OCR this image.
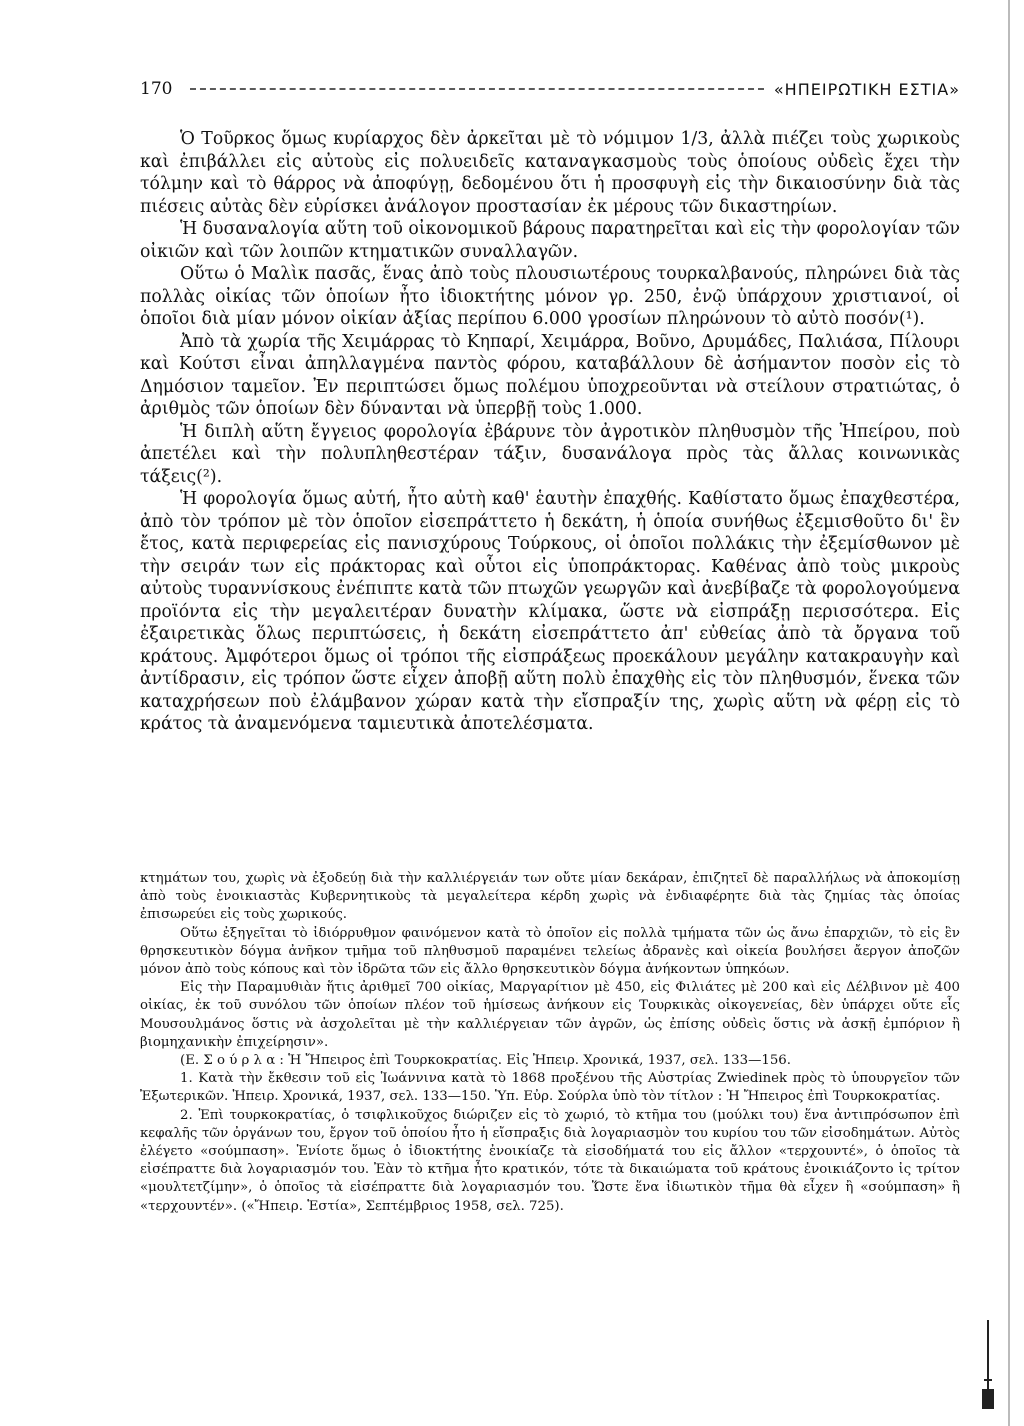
170	«ΗΠΕΙΡΩΤΙΚΗ ΕΣΤΙΑ»

Ὁ Τοῦρκος ὅμως κυρίαρχος δὲν ἀρκεῖται μὲ τὸ νόμιμον 1/3, ἀλλὰ πιέζει τοὺς χωρικοὺς καὶ ἐπιβάλλει εἰς αὐτοὺς εἰς πολυειδεῖς καταναγκασμοὺς τοὺς ὁποίους οὐδεὶς ἔχει τὴν τόλμην καὶ τὸ θάρρος νὰ ἀποφύγῃ, δεδομένου ὅτι ἡ προσφυγὴ εἰς τὴν δικαιοσύνην διὰ τὰς πιέσεις αὐτὰς δὲν εὑρίσκει ἀνάλογον προστασίαν ἐκ μέρους τῶν δικαστηρίων.

Ἡ δυσαναλογία αὕτη τοῦ οἰκονομικοῦ βάρους παρατηρεῖται καὶ εἰς τὴν φορολογίαν τῶν οἰκιῶν καὶ τῶν λοιπῶν κτηματικῶν συναλλαγῶν.

Οὕτω ὁ Μαλὶκ πασᾶς, ἕνας ἀπὸ τοὺς πλουσιωτέρους τουρκαλβανούς, πληρώνει διὰ τὰς πολλὰς οἰκίας τῶν ὁποίων ἦτο ἰδιοκτήτης μόνον γρ. 250, ἐνῷ ὑπάρχουν χριστιανοί, οἱ ὁποῖοι διὰ μίαν μόνον οἰκίαν ἀξίας περίπου 6.000 γροσίων πληρώνουν τὸ αὐτὸ ποσόν(¹).

Ἀπὸ τὰ χωρία τῆς Χειμάρρας τὸ Κηπαρί, Χειμάρρα, Βοῦνο, Δρυμάδες, Παλιάσα, Πίλουρι καὶ Κούτσι εἶναι ἀπηλλαγμένα παντὸς φόρου, καταβάλλουν δὲ ἀσήμαντον ποσὸν εἰς τὸ Δημόσιον ταμεῖον. Ἐν περιπτώσει ὅμως πολέμου ὑποχρεοῦνται νὰ στείλουν στρατιώτας, ὁ ἀριθμὸς τῶν ὁποίων δὲν δύνανται νὰ ὑπερβῇ τοὺς 1.000.

Ἡ διπλὴ αὕτη ἔγγειος φορολογία ἐβάρυνε τὸν ἀγροτικὸν πληθυσμὸν τῆς Ἠπείρου, ποὺ ἀπετέλει καὶ τὴν πολυπληθεστέραν τάξιν, δυσανάλογα πρὸς τὰς ἄλλας κοινωνικὰς τάξεις(²).

Ἡ φορολογία ὅμως αὐτή, ἦτο αὐτὴ καθ' ἑαυτὴν ἐπαχθής. Καθίστατο ὅμως ἐπαχθεστέρα, ἀπὸ τὸν τρόπον μὲ τὸν ὁποῖον εἰσεπράττετο ἡ δεκάτη, ἡ ὁποία συνήθως ἐξεμισθοῦτο δι' ἓν ἔτος, κατὰ περιφερείας εἰς πανισχύρους Τούρκους, οἱ ὁποῖοι πολλάκις τὴν ἐξεμίσθωνον μὲ τὴν σειράν των εἰς πράκτορας καὶ οὗτοι εἰς ὑποπράκτορας. Καθένας ἀπὸ τοὺς μικροὺς αὐτοὺς τυραννίσκους ἐνέπιπτε κατὰ τῶν πτωχῶν γεωργῶν καὶ ἀνεβίβαζε τὰ φορολογούμενα προϊόντα εἰς τὴν μεγαλειτέραν δυνατὴν κλίμακα, ὥστε νὰ εἰσπράξῃ περισσότερα. Εἰς ἐξαιρετικὰς ὅλως περιπτώσεις, ἡ δεκάτη εἰσεπράττετο ἀπ' εὐθείας ἀπὸ τὰ ὄργανα τοῦ κράτους. Ἀμφότεροι ὅμως οἱ τρόποι τῆς εἰσπράξεως προεκάλουν μεγάλην κατακραυγὴν καὶ ἀντίδρασιν, εἰς τρόπον ὥστε εἶχεν ἀποβῇ αὕτη πολὺ ἐπαχθὴς εἰς τὸν πληθυσμόν, ἕνεκα τῶν καταχρήσεων ποὺ ἐλάμβανον χώραν κατὰ τὴν εἴσπραξίν της, χωρὶς αὕτη νὰ φέρῃ εἰς τὸ κράτος τὰ ἀναμενόμενα ταμιευτικὰ ἀποτελέσματα.

κτημάτων του, χωρὶς νὰ ἐξοδεύῃ διὰ τὴν καλλιέργειάν των οὔτε μίαν δεκάραν, ἐπιζητεῖ δὲ παραλλήλως νὰ ἀποκομίσῃ ἀπὸ τοὺς ἐνοικιαστὰς Κυβερνητικοὺς τὰ μεγαλείτερα κέρδη χωρὶς νὰ ἐνδιαφέρητε διὰ τὰς ζημίας τὰς ὁποίας ἐπισωρεύει εἰς τοὺς χωρικούς.

Οὕτω ἐξηγεῖται τὸ ἰδιόρρυθμον φαινόμενον κατὰ τὸ ὁποῖον εἰς πολλὰ τμήματα τῶν ὡς ἄνω ἐπαρχιῶν, τὸ εἰς ἓν θρησκευτικὸν δόγμα ἀνῆκον τμῆμα τοῦ πληθυσμοῦ παραμένει τελείως ἀδρανὲς καὶ οἰκεία βουλήσει ἄεργον ἀποζῶν μόνον ἀπὸ τοὺς κόπους καὶ τὸν ἱδρῶτα τῶν εἰς ἄλλο θρησκευτικὸν δόγμα ἀνήκοντων ὑπηκόων.

Εἰς τὴν Παραμυθιὰν ἥτις ἀριθμεῖ 700 οἰκίας, Μαργαρίτιον μὲ 450, εἰς Φιλιάτες μὲ 200 καὶ εἰς Δέλβινον μὲ 400 οἰκίας, ἐκ τοῦ συνόλου τῶν ὁποίων πλέον τοῦ ἡμίσεως ἀνήκουν εἰς Τουρκικὰς οἰκογενείας, δὲν ὑπάρχει οὔτε εἷς Μουσουλμάνος ὅστις νὰ ἀσχολεῖται μὲ τὴν καλλιέργειαν τῶν ἀγρῶν, ὡς ἐπίσης οὐδεὶς ὅστις νὰ ἀσκῇ ἐμπόριον ἢ βιομηχανικὴν ἐπιχείρησιν».

(Ε. Σ ο ύ ρ λ α : Ἡ Ἤπειρος ἐπὶ Τουρκοκρατίας. Εἰς Ἠπειρ. Χρονικά, 1937, σελ. 133—156.

1. Κατὰ τὴν ἔκθεσιν τοῦ εἰς Ἰωάννινα κατὰ τὸ 1868 προξένου τῆς Αὐστρίας Zwiedinek πρὸς τὸ ὑπουργεῖον τῶν Ἐξωτερικῶν. Ἠπειρ. Χρονικά, 1937, σελ. 133—150. Ὑπ. Εὐρ. Σούρλα ὑπὸ τὸν τίτλον : Ἡ Ἤπειρος ἐπὶ Τουρκοκρατίας.

2. Ἐπὶ τουρκοκρατίας, ὁ τσιφλικοῦχος διώριζεν εἰς τὸ χωριό, τὸ κτῆμα του (μούλκι του) ἕνα ἀντιπρόσωπον ἐπὶ κεφαλῆς τῶν ὀργάνων του, ἔργον τοῦ ὁποίου ἦτο ἡ εἴσπραξις διὰ λογαριασμὸν του κυρίου του τῶν εἰσοδημάτων. Αὐτὸς ἐλέγετο «σούμπαση». Ἐνίοτε ὅμως ὁ ἰδιοκτήτης ἐνοικίαζε τὰ εἰσοδήματά του εἰς ἄλλον «τερχουντέ», ὁ ὁποῖος τὰ εἰσέπραττε διὰ λογαριασμόν του. Ἐὰν τὸ κτῆμα ἦτο κρατικόν, τότε τὰ δικαιώματα τοῦ κράτους ἐνοικιάζοντο ἰς τρίτον «μουλτετζίμην», ὁ ὁποῖος τὰ εἰσέπραττε διὰ λογαριασμόν του. Ὥστε ἕνα ἰδιωτικὸν τῆμα θὰ εἶχεν ἢ «σούμπαση» ἢ «τερχουντέν». («Ἤπειρ. Ἑστία», Σεπτέμβριος 1958, σελ. 725).
